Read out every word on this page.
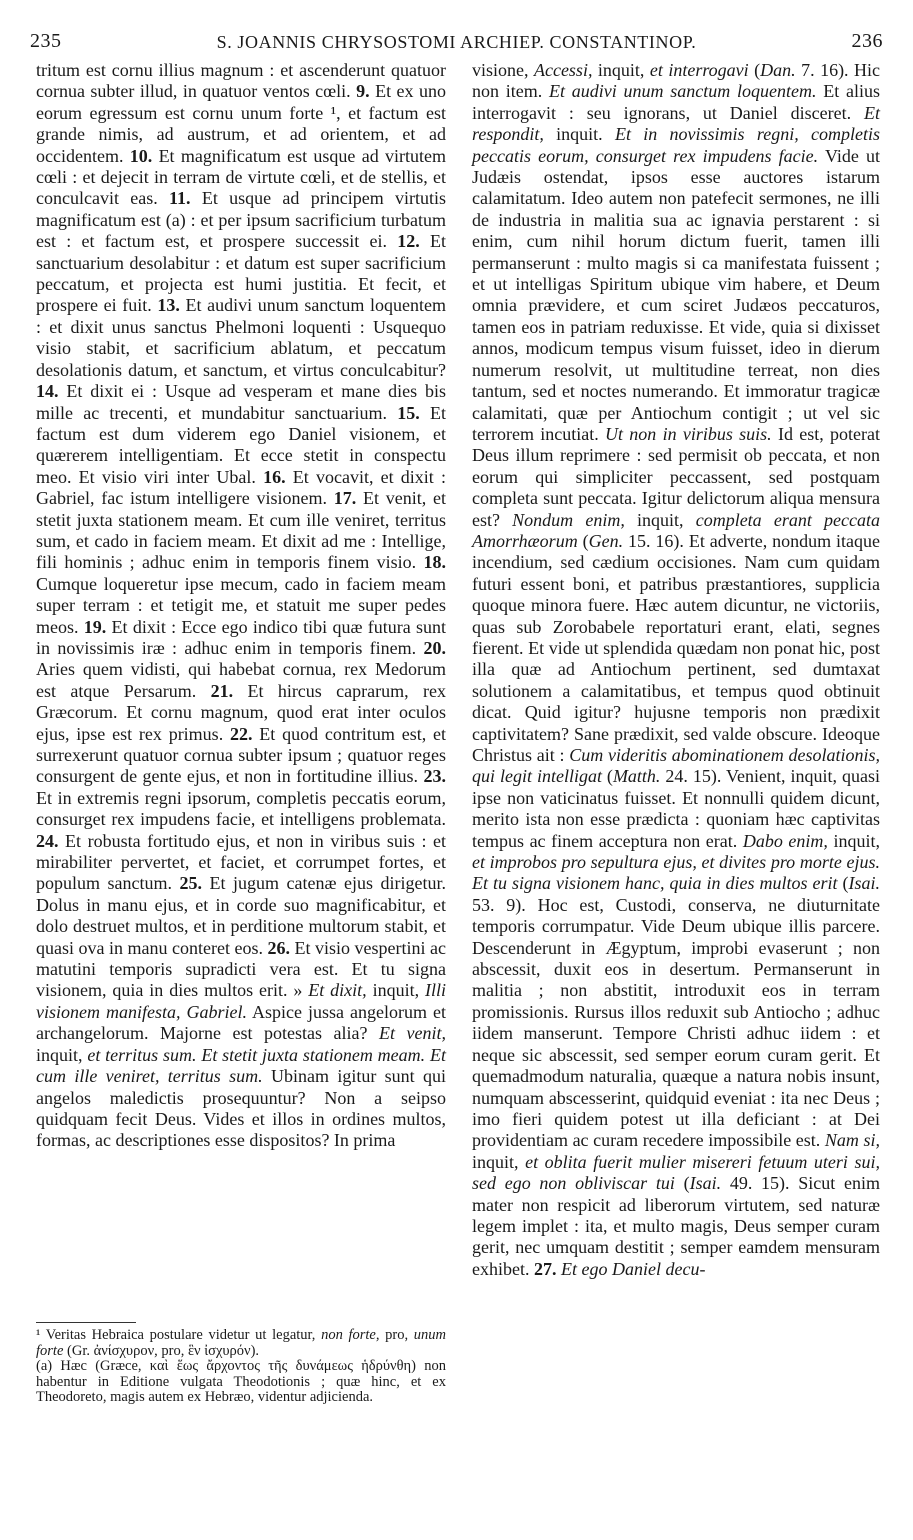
235	S. JOANNIS CHRYSOSTOMI ARCHIEP. CONSTANTINOP.	236

tritum est cornu illius magnum : et ascenderunt quatuor cornua subter illud, in quatuor ventos cœli. 9. Et ex uno eorum egressum est cornu unum forte ¹, et factum est grande nimis, ad austrum, et ad orientem, et ad occidentem. 10. Et magnificatum est usque ad virtutem cœli : et dejecit in terram de virtute cœli, et de stellis, et conculcavit eas. 11. Et usque ad principem virtutis magnificatum est (a) : et per ipsum sacrificium turbatum est : et factum est, et prospere successit ei. 12. Et sanctuarium desolabitur : et datum est super sacrificium peccatum, et projecta est humi justitia. Et fecit, et prospere ei fuit. 13. Et audivi unum sanctum loquentem : et dixit unus sanctus Phelmoni loquenti : Usquequo visio stabit, et sacrificium ablatum, et peccatum desolationis datum, et sanctum, et virtus conculcabitur? 14. Et dixit ei : Usque ad vesperam et mane dies bis mille ac trecenti, et mundabitur sanctuarium. 15. Et factum est dum viderem ego Daniel visionem, et quærerem intelligentiam. Et ecce stetit in conspectu meo. Et visio viri inter Ubal. 16. Et vocavit, et dixit : Gabriel, fac istum intelligere visionem. 17. Et venit, et stetit juxta stationem meam. Et cum ille veniret, territus sum, et cado in faciem meam. Et dixit ad me : Intellige, fili hominis ; adhuc enim in temporis finem visio. 18. Cumque loqueretur ipse mecum, cado in faciem meam super terram : et tetigit me, et statuit me super pedes meos. 19. Et dixit : Ecce ego indico tibi quæ futura sunt in novissimis iræ : adhuc enim in temporis finem. 20. Aries quem vidisti, qui habebat cornua, rex Medorum est atque Persarum. 21. Et hircus caprarum, rex Græcorum. Et cornu magnum, quod erat inter oculos ejus, ipse est rex primus. 22. Et quod contritum est, et surrexerunt quatuor cornua subter ipsum ; quatuor reges consurgent de gente ejus, et non in fortitudine illius. 23. Et in extremis regni ipsorum, completis peccatis eorum, consurget rex impudens facie, et intelligens problemata. 24. Et robusta fortitudo ejus, et non in viribus suis : et mirabiliter pervertet, et faciet, et corrumpet fortes, et populum sanctum. 25. Et jugum catenæ ejus dirigetur. Dolus in manu ejus, et in corde suo magnificabitur, et dolo destruet multos, et in perditione multorum stabit, et quasi ova in manu conteret eos. 26. Et visio vespertini ac matutini temporis supradicti vera est. Et tu signa visionem, quia in dies multos erit. » Et dixit, inquit, Illi visionem manifesta, Gabriel. Aspice jussa angelorum et archangelorum. Majorne est potestas alia? Et venit, inquit, et territus sum. Et stetit juxta stationem meam. Et cum ille veniret, territus sum. Ubinam igitur sunt qui angelos maledictis prosequuntur? Non a seipso quidquam fecit Deus. Vides et illos in ordines multos, formas, ac descriptiones esse dispositos? In prima

visione, Accessi, inquit, et interrogavi (Dan. 7. 16). Hic non item. Et audivi unum sanctum loquentem. Et alius interrogavit : seu ignorans, ut Daniel disceret. Et respondit, inquit. Et in novissimis regni, completis peccatis eorum, consurget rex impudens facie. Vide ut Judæis ostendat, ipsos esse auctores istarum calamitatum. Ideo autem non patefecit sermones, ne illi de industria in malitia sua ac ignavia perstarent : si enim, cum nihil horum dictum fuerit, tamen illi permanserunt : multo magis si ca manifestata fuissent ; et ut intelligas Spiritum ubique vim habere, et Deum omnia prævidere, et cum sciret Judæos peccaturos, tamen eos in patriam reduxisse. Et vide, quia si dixisset annos, modicum tempus visum fuisset, ideo in dierum numerum resolvit, ut multitudine terreat, non dies tantum, sed et noctes numerando. Et immoratur tragicæ calamitati, quæ per Antiochum contigit ; ut vel sic terrorem incutiat. Ut non in viribus suis. Id est, poterat Deus illum reprimere : sed permisit ob peccata, et non eorum qui simpliciter peccassent, sed postquam completa sunt peccata. Igitur delictorum aliqua mensura est? Nondum enim, inquit, completa erant peccata Amorrhæorum (Gen. 15. 16). Et adverte, nondum itaque incendium, sed cædium occisiones. Nam cum quidam futuri essent boni, et patribus præstantiores, supplicia quoque minora fuere. Hæc autem dicuntur, ne victoriis, quas sub Zorobabele reportaturi erant, elati, segnes fierent. Et vide ut splendida quædam non ponat hic, post illa quæ ad Antiochum pertinent, sed dumtaxat solutionem a calamitatibus, et tempus quod obtinuit dicat. Quid igitur? hujusne temporis non prædixit captivitatem? Sane prædixit, sed valde obscure. Ideoque Christus ait : Cum videritis abominationem desolationis, qui legit intelligat (Matth. 24. 15). Venient, inquit, quasi ipse non vaticinatus fuisset. Et nonnulli quidem dicunt, merito ista non esse prædicta : quoniam hæc captivitas tempus ac finem acceptura non erat. Dabo enim, inquit, et improbos pro sepultura ejus, et divites pro morte ejus. Et tu signa visionem hanc, quia in dies multos erit (Isai. 53. 9). Hoc est, Custodi, conserva, ne diuturnitate temporis corrumpatur. Vide Deum ubique illis parcere. Descenderunt in Ægyptum, improbi evaserunt ; non abscessit, duxit eos in desertum. Permanserunt in malitia ; non abstitit, introduxit eos in terram promissionis. Rursus illos reduxit sub Antiocho ; adhuc iidem manserunt. Tempore Christi adhuc iidem : et neque sic abscessit, sed semper eorum curam gerit. Et quemadmodum naturalia, quæque a natura nobis insunt, numquam abscesserint, quidquid eveniat : ita nec Deus ; imo fieri quidem potest ut illa deficiant : at Dei providentiam ac curam recedere impossibile est. Nam si, inquit, et oblita fuerit mulier misereri fetuum uteri sui, sed ego non obliviscar tui (Isai. 49. 15). Sicut enim mater non respicit ad liberorum virtutem, sed naturæ legem implet : ita, et multo magis, Deus semper curam gerit, nec umquam destitit ; semper eamdem mensuram exhibet. 27. Et ego Daniel decu-

¹ Veritas Hebraica postulare videtur ut legatur, non forte, pro, unum forte (Gr. ἀνίσχυρον, pro, ἓν ἰσχυρόν).

(a) Hæc (Græce, καὶ ἕως ἄρχοντος τῆς δυνάμεως ἡδρύνθη) non habentur in Editione vulgata Theodotionis ; quæ hinc, et ex Theodoreto, magis autem ex Hebræo, videntur adjicienda.
